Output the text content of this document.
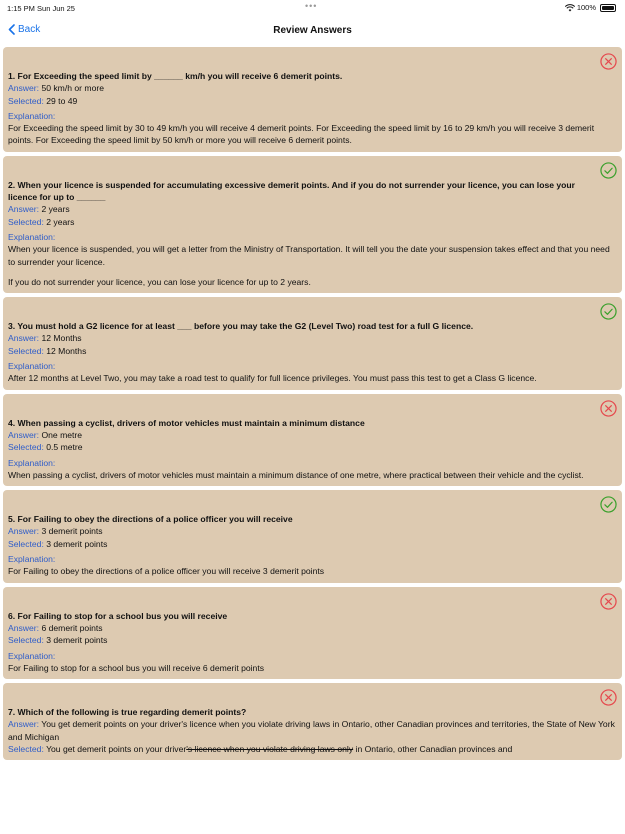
1:15 PM Sun Jun 25	•••	100%
Back	Review Answers
1. For Exceeding the speed limit by ______ km/h you will receive 6 demerit points.
Answer: 50 km/h or more
Selected: 29 to 49
Explanation:

For Exceeding the speed limit by 30 to 49 km/h you will receive 4 demerit points. For Exceeding the speed limit by 16 to 29 km/h you will receive 3 demerit points. For Exceeding the speed limit by 50 km/h or more you will receive 6 demerit points.

2. When your licence is suspended for accumulating excessive demerit points. And if you do not surrender your licence, you can lose your licence for up to ______
Answer: 2 years
Selected: 2 years
Explanation:

When your licence is suspended, you will get a letter from the Ministry of Transportation. It will tell you the date your suspension takes effect and that you need to surrender your licence.

If you do not surrender your licence, you can lose your licence for up to 2 years.

3. You must hold a G2 licence for at least ___ before you may take the G2 (Level Two) road test for a full G licence.
Answer: 12 Months
Selected: 12 Months
Explanation:

After 12 months at Level Two, you may take a road test to qualify for full licence privileges. You must pass this test to get a Class G licence.

4. When passing a cyclist, drivers of motor vehicles must maintain a minimum distance
Answer: One metre
Selected: 0.5 metre
Explanation:

When passing a cyclist, drivers of motor vehicles must maintain a minimum distance of one metre, where practical between their vehicle and the cyclist.

5. For Failing to obey the directions of a police officer you will receive
Answer: 3 demerit points
Selected: 3 demerit points
Explanation:

For Failing to obey the directions of a police officer you will receive 3 demerit points

6. For Failing to stop for a school bus you will receive
Answer: 6 demerit points
Selected: 3 demerit points
Explanation:

For Failing to stop for a school bus you will receive 6 demerit points

7. Which of the following is true regarding demerit points?
Answer: You get demerit points on your driver's licence when you violate driving laws in Ontario, other Canadian provinces and territories, the State of New York and Michigan
Selected: You get demerit points on your driver's licence when you violate driving laws only in Ontario, other Canadian provinces and
